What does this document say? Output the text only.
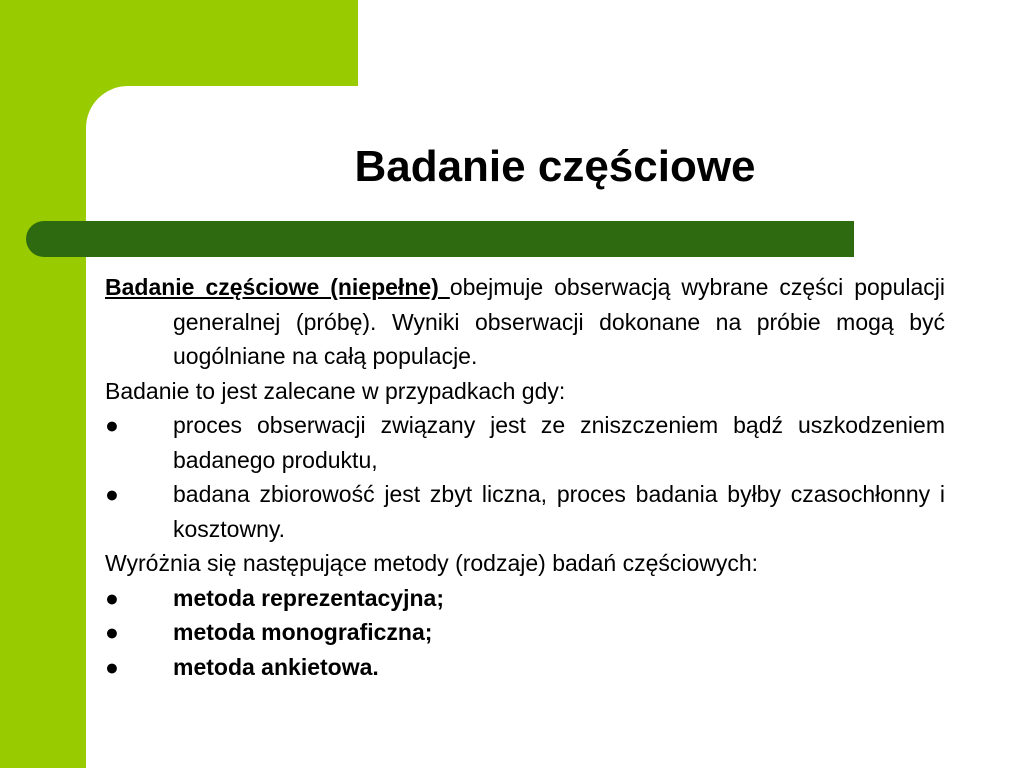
Badanie częściowe

Badanie częściowe (niepełne) obejmuje obserwacją wybrane części populacji generalnej (próbę). Wyniki obserwacji dokonane na próbie mogą być uogólniane na całą populacje.

Badanie to jest zalecane w przypadkach gdy:

●	proces obserwacji związany jest ze zniszczeniem bądź uszkodzeniem badanego produktu,
●	badana zbiorowość jest zbyt liczna, proces badania byłby czasochłonny i kosztowny.

Wyróżnia się następujące metody (rodzaje) badań częściowych:

●	metoda reprezentacyjna;
●	metoda monograficzna;
●	metoda ankietowa.
